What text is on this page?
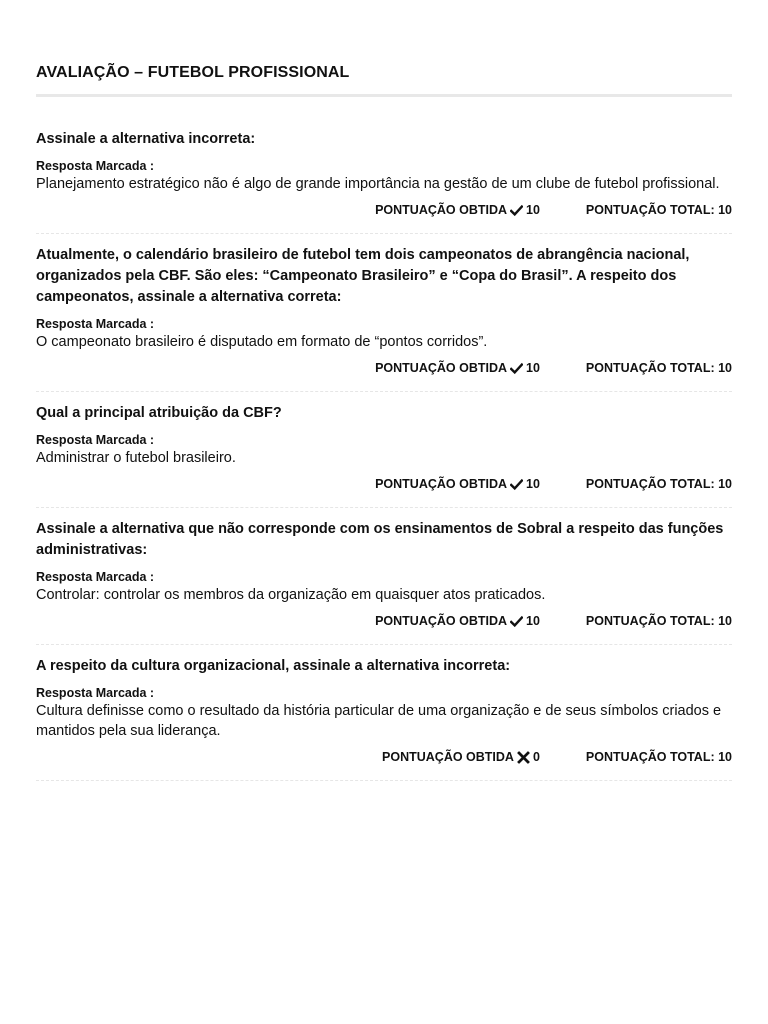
AVALIAÇÃO – FUTEBOL PROFISSIONAL

Assinale a alternativa incorreta:

Resposta Marcada :

Planejamento estratégico não é algo de grande importância na gestão de um clube de futebol profissional.

PONTUAÇÃO OBTIDA 10	PONTUAÇÃO TOTAL: 10

Atualmente, o calendário brasileiro de futebol tem dois campeonatos de abrangência nacional, organizados pela CBF. São eles: “Campeonato Brasileiro” e “Copa do Brasil”. A respeito dos campeonatos, assinale a alternativa correta:

Resposta Marcada :

O campeonato brasileiro é disputado em formato de “pontos corridos”.

PONTUAÇÃO OBTIDA 10	PONTUAÇÃO TOTAL: 10

Qual a principal atribuição da CBF?

Resposta Marcada :

Administrar o futebol brasileiro.

PONTUAÇÃO OBTIDA 10	PONTUAÇÃO TOTAL: 10

Assinale a alternativa que não corresponde com os ensinamentos de Sobral a respeito das funções administrativas:

Resposta Marcada :

Controlar: controlar os membros da organização em quaisquer atos praticados.

PONTUAÇÃO OBTIDA 10	PONTUAÇÃO TOTAL: 10

A respeito da cultura organizacional, assinale a alternativa incorreta:

Resposta Marcada :

Cultura definisse como o resultado da história particular de uma organização e de seus símbolos criados e mantidos pela sua liderança.

PONTUAÇÃO OBTIDA 0	PONTUAÇÃO TOTAL: 10
